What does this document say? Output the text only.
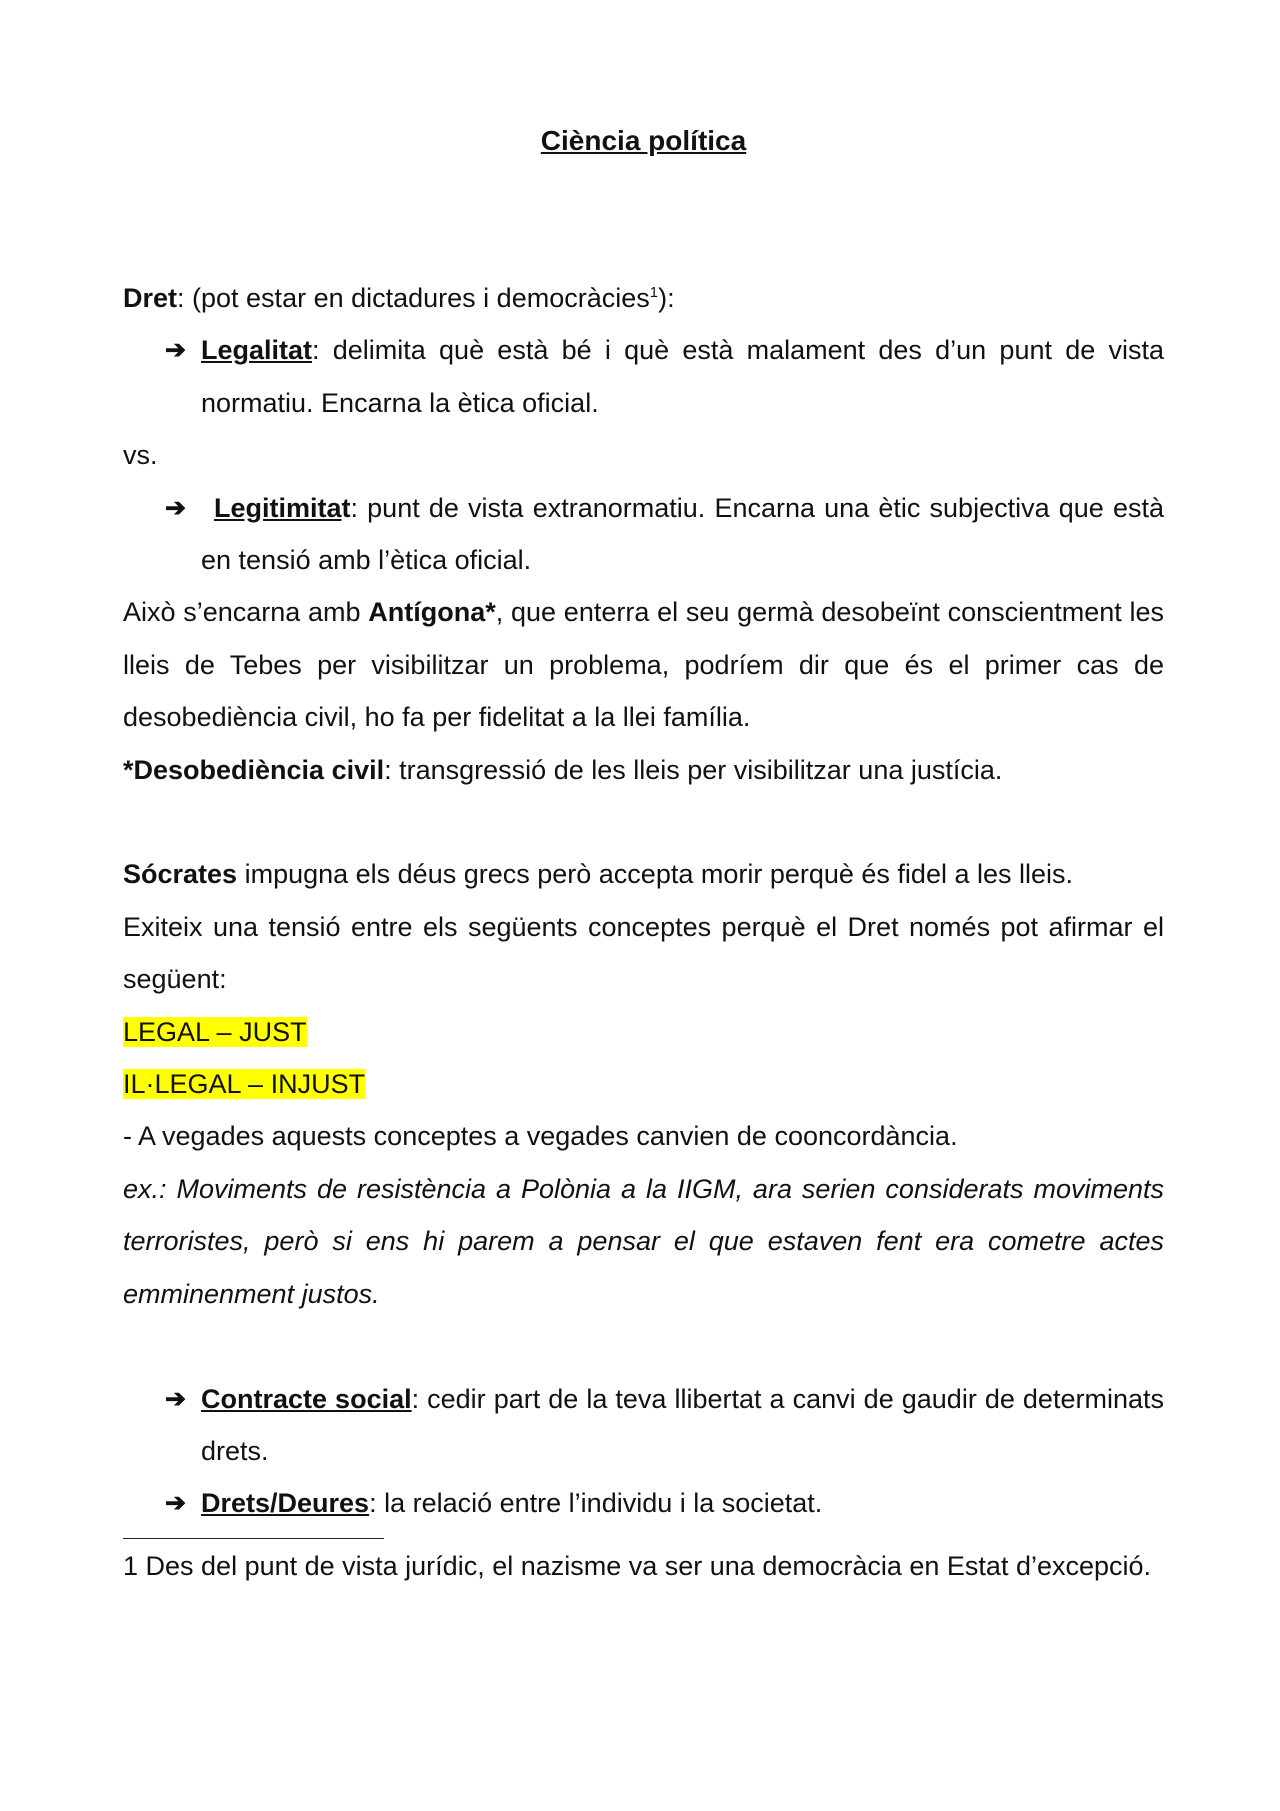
Ciència política

Dret: (pot estar en dictadures i democràcies$^1$):

➔ Legalitat: delimita què està bé i què està malament des d’un punt de vista normatiu. Encarna la ètica oficial.

vs.

➔ Legitimitat: punt de vista extranormatiu. Encarna una ètic subjectiva que està en tensió amb l’ètica oficial.

Això s’encarna amb Antígona*, que enterra el seu germà desobeïnt conscientment les lleis de Tebes per visibilitzar un problema, podríem dir que és el primer cas de desobediència civil, ho fa per fidelitat a la llei família.

*Desobediència civil: transgressió de les lleis per visibilitzar una justícia.

Sócrates impugna els déus grecs però accepta morir perquè és fidel a les lleis.

Exiteix una tensió entre els següents conceptes perquè el Dret només pot afirmar el següent:

LEGAL – JUST

IL·LEGAL – INJUST

- A vegades aquests conceptes a vegades canvien de cooncordància.

ex.: Moviments de resistència a Polònia a la IIGM, ara serien considerats moviments terroristes, però si ens hi parem a pensar el que estaven fent era cometre actes emminenment justos.

➔ Contracte social: cedir part de la teva llibertat a canvi de gaudir de determinats drets.

➔ Drets/Deures: la relació entre l’individu i la societat.

1 Des del punt de vista jurídic, el nazisme va ser una democràcia en Estat d’excepció.
